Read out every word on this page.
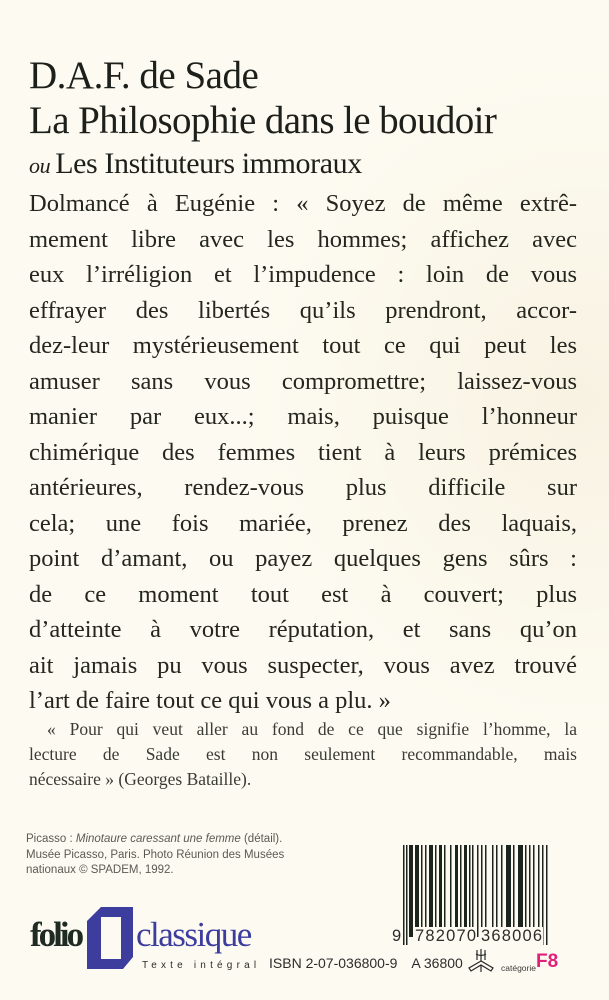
D.A.F. de Sade
La Philosophie dans le boudoir
ou Les Instituteurs immoraux
Dolmancé à Eugénie : « Soyez de même extrê-
mement libre avec les hommes; affichez avec
eux l’irréligion et l’impudence : loin de vous
effrayer des libertés qu’ils prendront, accor-
dez-leur mystérieusement tout ce qui peut les
amuser sans vous compromettre; laissez-vous
manier par eux...; mais, puisque l’honneur
chimérique des femmes tient à leurs prémices
antérieures, rendez-vous plus difficile sur
cela; une fois mariée, prenez des laquais,
point d’amant, ou payez quelques gens sûrs :
de ce moment tout est à couvert; plus
d’atteinte à votre réputation, et sans qu’on
ait jamais pu vous suspecter, vous avez trouvé
l’art de faire tout ce qui vous a plu. »
« Pour qui veut aller au fond de ce que signifie l’homme, la
lecture de Sade est non seulement recommandable, mais
nécessaire » (Georges Bataille).
Picasso : Minotaure caressant une femme (détail).
Musée Picasso, Paris. Photo Réunion des Musées
nationaux © SPADEM, 1992.
folio classique
Texte intégral
9 782070 368006
ISBN 2-07-036800-9 A 36800	catégorie F8
